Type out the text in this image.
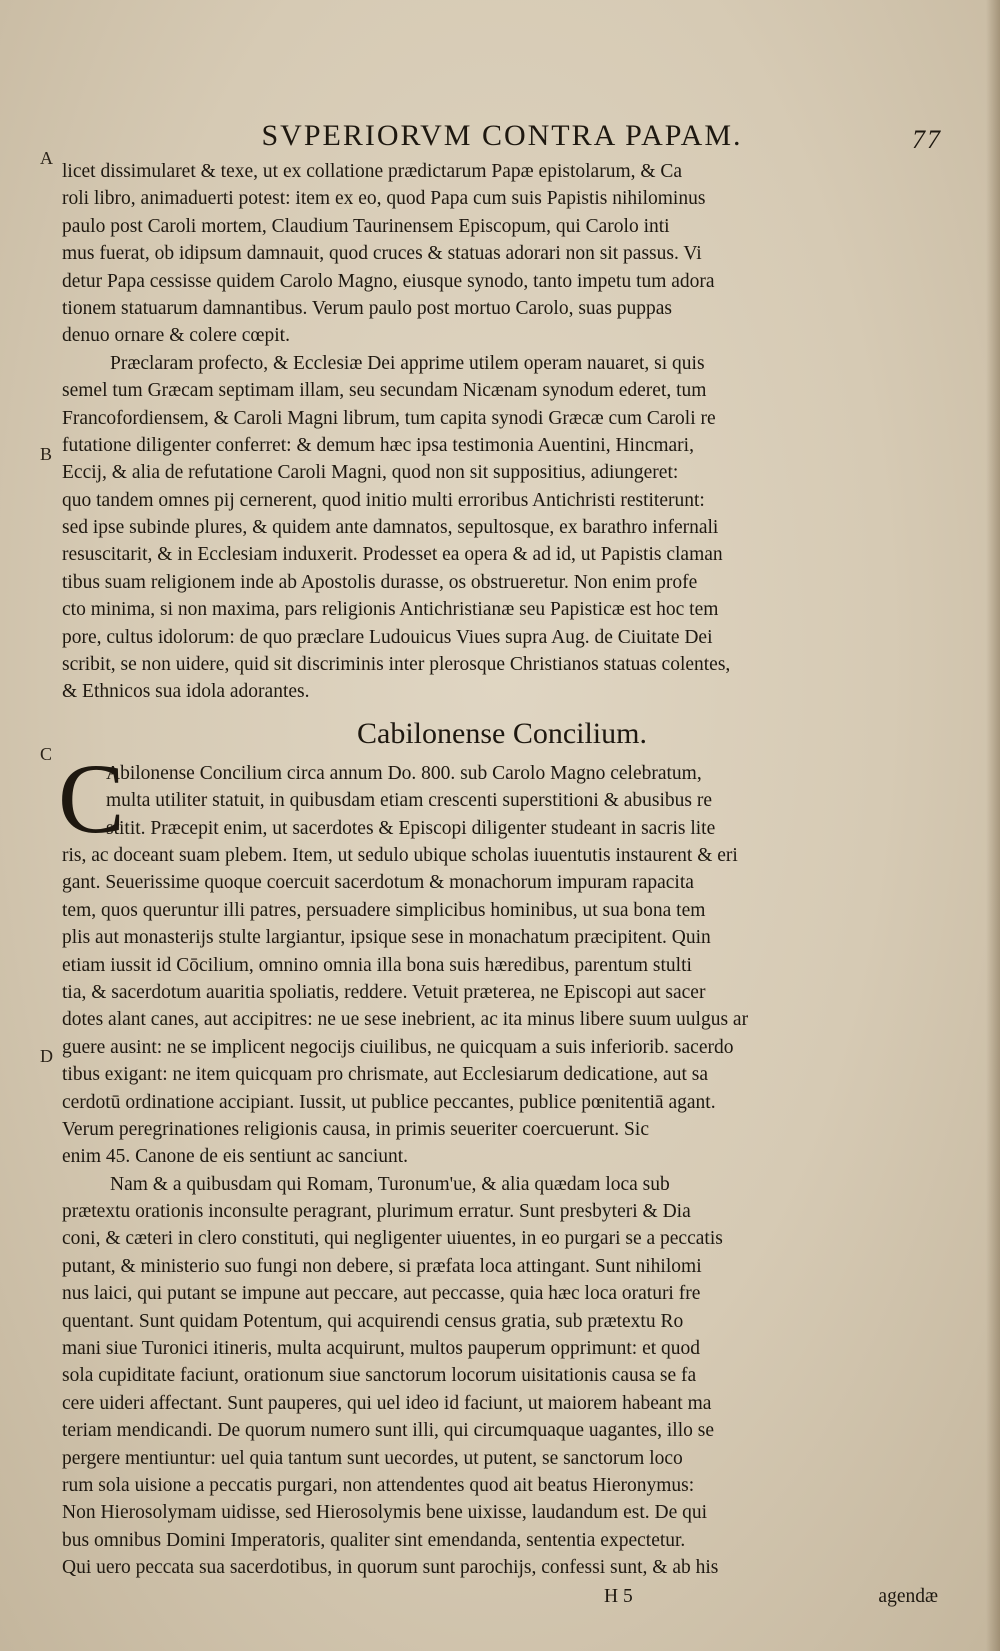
SVPERIORVM CONTRA PAPAM.	77
licet dissimularet & texe, ut ex collatione prædictarum Papæ epistolarum, & Ca
roli libro, animaduerti potest: item ex eo, quod Papa cum suis Papistis nihilominus
paulo post Caroli mortem, Claudium Taurinensem Episcopum, qui Carolo inti
mus fuerat, ob idipsum damnauit, quod cruces & statuas adorari non sit passus. Vi
detur Papa cessisse quidem Carolo Magno, eiusque synodo, tanto impetu tum adora
tionem statuarum damnantibus. Verum paulo post mortuo Carolo, suas puppas
denuo ornare & colere cœpit.
Præclaram profecto, & Ecclesiæ Dei apprime utilem operam nauaret, si quis
semel tum Græcam septimam illam, seu secundam Nicænam synodum ederet, tum
Francofordiensem, & Caroli Magni librum, tum capita synodi Græcæ cum Caroli re
futatione diligenter conferret: & demum hæc ipsa testimonia Auentini, Hincmari,
Eccij, & alia de refutatione Caroli Magni, quod non sit suppositius, adiungeret:
quo tandem omnes pij cernerent, quod initio multi erroribus Antichristi restiterunt:
sed ipse subinde plures, & quidem ante damnatos, sepultosque, ex barathro infernali
resuscitarit, & in Ecclesiam induxerit. Prodesset ea opera & ad id, ut Papistis claman
tibus suam religionem inde ab Apostolis durasse, os obstrueretur. Non enim profe
cto minima, si non maxima, pars religionis Antichristianæ seu Papisticæ est hoc tem
pore, cultus idolorum: de quo præclare Ludouicus Viues supra Aug. de Ciuitate Dei
scribit, se non uidere, quid sit discriminis inter plerosque Christianos statuas colentes,
& Ethnicos sua idola adorantes.
Cabilonense Concilium.
C
Abilonense Concilium circa annum Do. 800. sub Carolo Magno celebratum,
multa utiliter statuit, in quibusdam etiam crescenti superstitioni & abusibus re
stitit. Præcepit enim, ut sacerdotes & Episcopi diligenter studeant in sacris lite
ris, ac doceant suam plebem. Item, ut sedulo ubique scholas iuuentutis instaurent & eri
gant. Seuerissime quoque coercuit sacerdotum & monachorum impuram rapacita
tem, quos queruntur illi patres, persuadere simplicibus hominibus, ut sua bona tem
plis aut monasterijs stulte largiantur, ipsique sese in monachatum præcipitent. Quin
etiam iussit id Cōcilium, omnino omnia illa bona suis hæredibus, parentum stulti
tia, & sacerdotum auaritia spoliatis, reddere. Vetuit præterea, ne Episcopi aut sacer
dotes alant canes, aut accipitres: ne ue sese inebrient, ac ita minus libere suum uulgus ar
guere ausint: ne se implicent negocijs ciuilibus, ne quicquam a suis inferiorib. sacerdo
tibus exigant: ne item quicquam pro chrismate, aut Ecclesiarum dedicatione, aut sa
cerdotū ordinatione accipiant. Iussit, ut publice peccantes, publice pœnitentiā agant.
Verum peregrinationes religionis causa, in primis seueriter coercuerunt. Sic
enim 45. Canone de eis sentiunt ac sanciunt.
Nam & a quibusdam qui Romam, Turonum'ue, & alia quædam loca sub
prætextu orationis inconsulte peragrant, plurimum erratur. Sunt presbyteri & Dia
coni, & cæteri in clero constituti, qui negligenter uiuentes, in eo purgari se a peccatis
putant, & ministerio suo fungi non debere, si præfata loca attingant. Sunt nihilomi
nus laici, qui putant se impune aut peccare, aut peccasse, quia hæc loca oraturi fre
quentant. Sunt quidam Potentum, qui acquirendi census gratia, sub prætextu Ro
mani siue Turonici itineris, multa acquirunt, multos pauperum opprimunt: et quod
sola cupiditate faciunt, orationum siue sanctorum locorum uisitationis causa se fa
cere uideri affectant. Sunt pauperes, qui uel ideo id faciunt, ut maiorem habeant ma
teriam mendicandi. De quorum numero sunt illi, qui circumquaque uagantes, illo se
pergere mentiuntur: uel quia tantum sunt uecordes, ut putent, se sanctorum loco
rum sola uisione a peccatis purgari, non attendentes quod ait beatus Hieronymus:
Non Hierosolymam uidisse, sed Hierosolymis bene uixisse, laudandum est. De qui
bus omnibus Domini Imperatoris, qualiter sint emendanda, sententia expectetur.
Qui uero peccata sua sacerdotibus, in quorum sunt parochijs, confessi sunt, & ab his
H 5	agendæ
A
B
C
D
